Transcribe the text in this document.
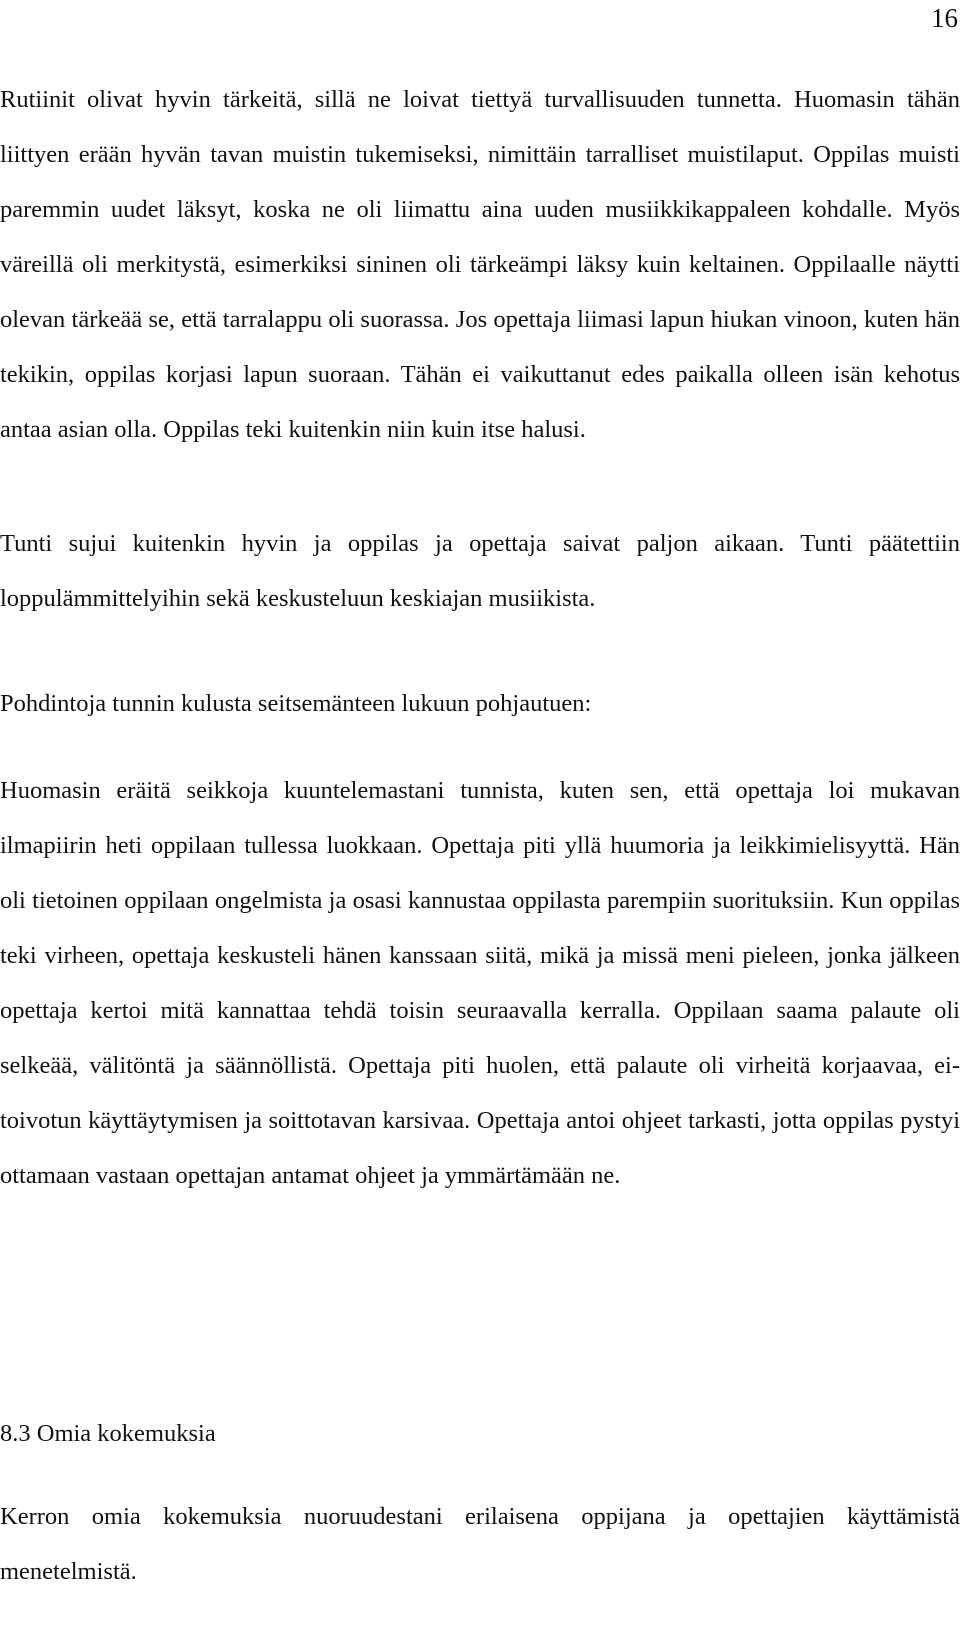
16

Rutiinit olivat hyvin tärkeitä, sillä ne loivat tiettyä turvallisuuden tunnetta. Huomasin tähän liittyen erään hyvän tavan muistin tukemiseksi, nimittäin tarralliset muistilaput. Oppilas muisti paremmin uudet läksyt, koska ne oli liimattu aina uuden musiikkikappaleen kohdalle. Myös väreillä oli merkitystä, esimerkiksi sininen oli tärkeämpi läksy kuin keltainen. Oppilaalle näytti olevan tärkeää se, että tarralappu oli suorassa. Jos opettaja liimasi lapun hiukan vinoon, kuten hän tekikin, oppilas korjasi lapun suoraan. Tähän ei vaikuttanut edes paikalla olleen isän kehotus antaa asian olla. Oppilas teki kuitenkin niin kuin itse halusi.

Tunti sujui kuitenkin hyvin ja oppilas ja opettaja saivat paljon aikaan. Tunti päätettiin loppulämmittelyihin sekä keskusteluun keskiajan musiikista.

Pohdintoja tunnin kulusta seitsemänteen lukuun pohjautuen:

Huomasin eräitä seikkoja kuuntelemastani tunnista, kuten sen, että opettaja loi mukavan ilmapiirin heti oppilaan tullessa luokkaan. Opettaja piti yllä huumoria ja leikkimielisyyttä. Hän oli tietoinen oppilaan ongelmista ja osasi kannustaa oppilasta parempiin suorituksiin. Kun oppilas teki virheen, opettaja keskusteli hänen kanssaan siitä, mikä ja missä meni pieleen, jonka jälkeen opettaja kertoi mitä kannattaa tehdä toisin seuraavalla kerralla. Oppilaan saama palaute oli selkeää, välitöntä ja säännöllistä. Opettaja piti huolen, että palaute oli virheitä korjaavaa, ei-toivotun käyttäytymisen ja soittotavan karsivaa. Opettaja antoi ohjeet tarkasti, jotta oppilas pystyi ottamaan vastaan opettajan antamat ohjeet ja ymmärtämään ne.

8.3 Omia kokemuksia

Kerron omia kokemuksia nuoruudestani erilaisena oppijana ja opettajien käyttämistä menetelmistä.
